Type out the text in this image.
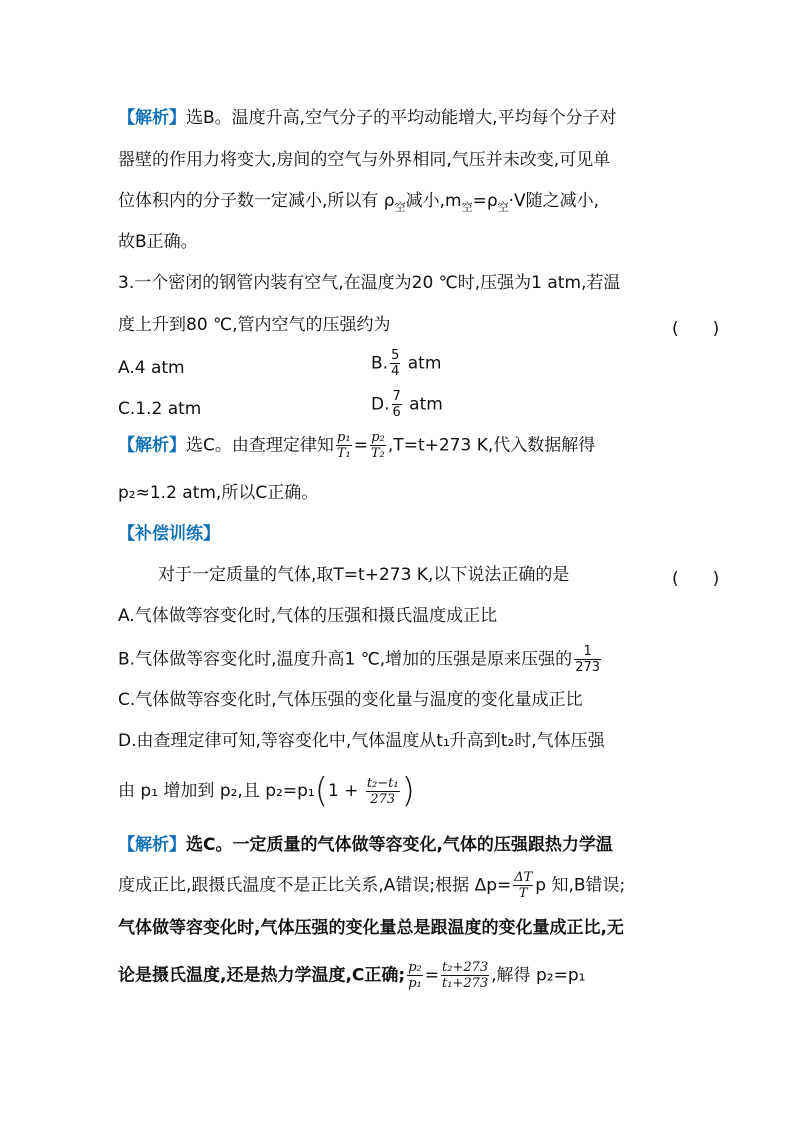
【解析】选B。温度升高,空气分子的平均动能增大,平均每个分子对
器壁的作用力将变大,房间的空气与外界相同,气压并未改变,可见单
位体积内的分子数一定减小,所以有 $\rho_空$减小$,m_空=\rho_空\cdot V$随之减小,
故B正确。
3.一个密闭的钢管内装有空气,在温度为20 ℃时,压强为1 atm,若温
度上升到80 ℃,管内空气的压强约为	(　　)
A.4 atm	B. $\frac{5}{4}$ atm
C.1.2 atm	D. $\frac{7}{6}$ atm
【解析】选C。由查理定律知 $\frac{\text{p₁}}{\text{T₁}} = \frac{\text{p₂}}{\text{T₂}} ,T=t+273$ K,代入数据解得
p₂≈1.2 atm,所以C正确。
【补偿训练】
对于一定质量的气体,取T=t+273 K,以下说法正确的是	(　　)
A.气体做等容变化时,气体的压强和摄氏温度成正比
B.气体做等容变化时,温度升高1 ℃,增加的压强是原来压强的 $\frac{1}{273}$
C.气体做等容变化时,气体压强的变化量与温度的变化量成正比
D.由查理定律可知,等容变化中,气体温度从t₁升高到t₂时,气体压强
由 p₁ 增加到 p₂,且 $p_2=p_1(1 + \frac{\text{t₂−t₁}}{273}$ )
【解析】选C。一定质量的气体做等容变化,气体的压强跟热力学温
度成正比,跟摄氏温度不是正比关系,A错误;根据 $\Delta p= \frac{\Delta T}{T}$ p 知,B错误;
气体做等容变化时,气体压强的变化量总是跟温度的变化量成正比,无
论是摄氏温度,还是热力学温度,C正确; $\frac{\text{p₂}}{\text{p₁}} = \frac{\text{t₂+273}}{\text{t₁+273}}$ ,解得 p₂=p₁
